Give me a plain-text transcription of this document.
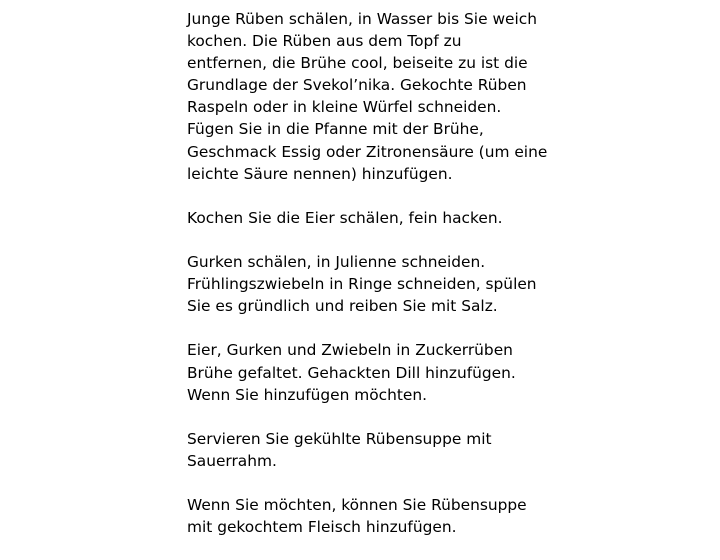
Junge Rüben schälen, in Wasser bis Sie weich
kochen. Die Rüben aus dem Topf zu
entfernen, die Brühe cool, beiseite zu ist die
Grundlage der Svekol’nika. Gekochte Rüben
Raspeln oder in kleine Würfel schneiden.
Fügen Sie in die Pfanne mit der Brühe,
Geschmack Essig oder Zitronensäure (um eine
leichte Säure nennen) hinzufügen.

Kochen Sie die Eier schälen, fein hacken.

Gurken schälen, in Julienne schneiden.
Frühlingszwiebeln in Ringe schneiden, spülen
Sie es gründlich und reiben Sie mit Salz.

Eier, Gurken und Zwiebeln in Zuckerrüben
Brühe gefaltet. Gehackten Dill hinzufügen.
Wenn Sie hinzufügen möchten.

Servieren Sie gekühlte Rübensuppe mit
Sauerrahm.

Wenn Sie möchten, können Sie Rübensuppe
mit gekochtem Fleisch hinzufügen.
